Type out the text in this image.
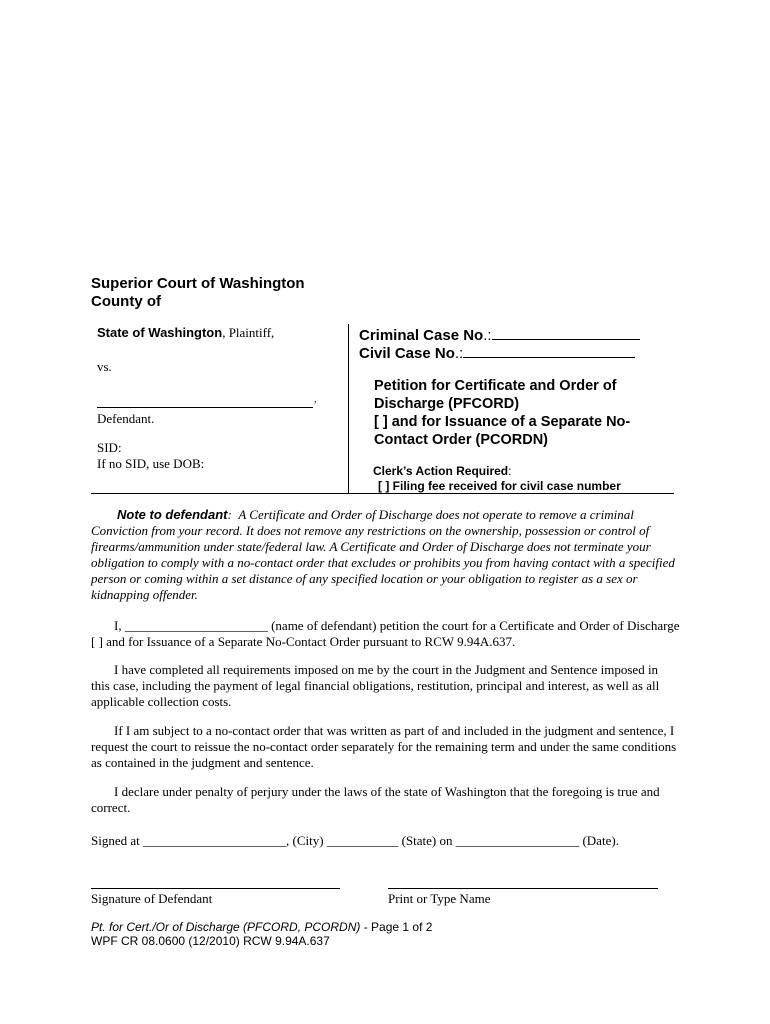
Superior Court of Washington
County of
State of Washington, Plaintiff,
vs.
,
Defendant.
SID:
If no SID, use DOB:
Criminal Case No.:
Civil Case No.:
Petition for Certificate and Order of
Discharge (PFCORD)
[ ] and for Issuance of a Separate No-
Contact Order (PCORDN)
Clerk’s Action Required:
[ ] Filing fee received for civil case number
Note to defendant: A Certificate and Order of Discharge does not operate to remove a criminal Conviction from your record. It does not remove any restrictions on the ownership, possession or control of firearms/ammunition under state/federal law. A Certificate and Order of Discharge does not terminate your obligation to comply with a no-contact order that excludes or prohibits you from having contact with a specified person or coming within a set distance of any specified location or your obligation to register as a sex or kidnapping offender.
I, ______________________ (name of defendant) petition the court for a Certificate and Order of Discharge [ ] and for Issuance of a Separate No-Contact Order pursuant to RCW 9.94A.637.
I have completed all requirements imposed on me by the court in the Judgment and Sentence imposed in this case, including the payment of legal financial obligations, restitution, principal and interest, as well as all applicable collection costs.
If I am subject to a no-contact order that was written as part of and included in the judgment and sentence, I request the court to reissue the no-contact order separately for the remaining term and under the same conditions as contained in the judgment and sentence.
I declare under penalty of perjury under the laws of the state of Washington that the foregoing is true and correct.
Signed at ______________________, (City) ___________ (State) on ___________________ (Date).
Signature of Defendant	Print or Type Name
Pt. for Cert./Or of Discharge (PFCORD, PCORDN) - Page 1 of 2
WPF CR 08.0600 (12/2010) RCW 9.94A.637
